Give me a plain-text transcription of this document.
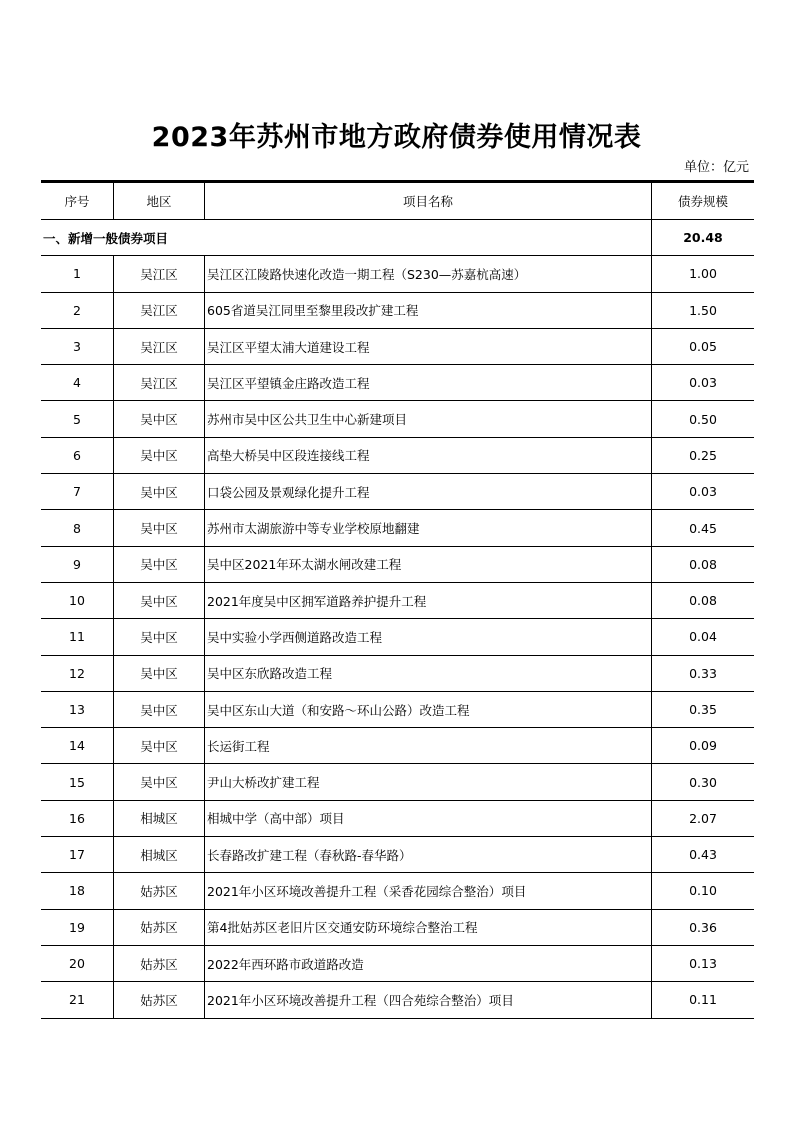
2023年苏州市地方政府债券使用情况表
单位：亿元
序号	地区	项目名称	债券规模
一、新增一般债券项目			20.48
1	吴江区	吴江区江陵路快速化改造一期工程（S230—苏嘉杭高速）	1.00
2	吴江区	605省道吴江同里至黎里段改扩建工程	1.50
3	吴江区	吴江区平望太浦大道建设工程	0.05
4	吴江区	吴江区平望镇金庄路改造工程	0.03
5	吴中区	苏州市吴中区公共卫生中心新建项目	0.50
6	吴中区	高垫大桥吴中区段连接线工程	0.25
7	吴中区	口袋公园及景观绿化提升工程	0.03
8	吴中区	苏州市太湖旅游中等专业学校原地翻建	0.45
9	吴中区	吴中区2021年环太湖水闸改建工程	0.08
10	吴中区	2021年度吴中区拥军道路养护提升工程	0.08
11	吴中区	吴中实验小学西侧道路改造工程	0.04
12	吴中区	吴中区东欣路改造工程	0.33
13	吴中区	吴中区东山大道（和安路～环山公路）改造工程	0.35
14	吴中区	长运街工程	0.09
15	吴中区	尹山大桥改扩建工程	0.30
16	相城区	相城中学（高中部）项目	2.07
17	相城区	长春路改扩建工程（春秋路-春华路）	0.43
18	姑苏区	2021年小区环境改善提升工程（采香花园综合整治）项目	0.10
19	姑苏区	第4批姑苏区老旧片区交通安防环境综合整治工程	0.36
20	姑苏区	2022年西环路市政道路改造	0.13
21	姑苏区	2021年小区环境改善提升工程（四合苑综合整治）项目	0.11
